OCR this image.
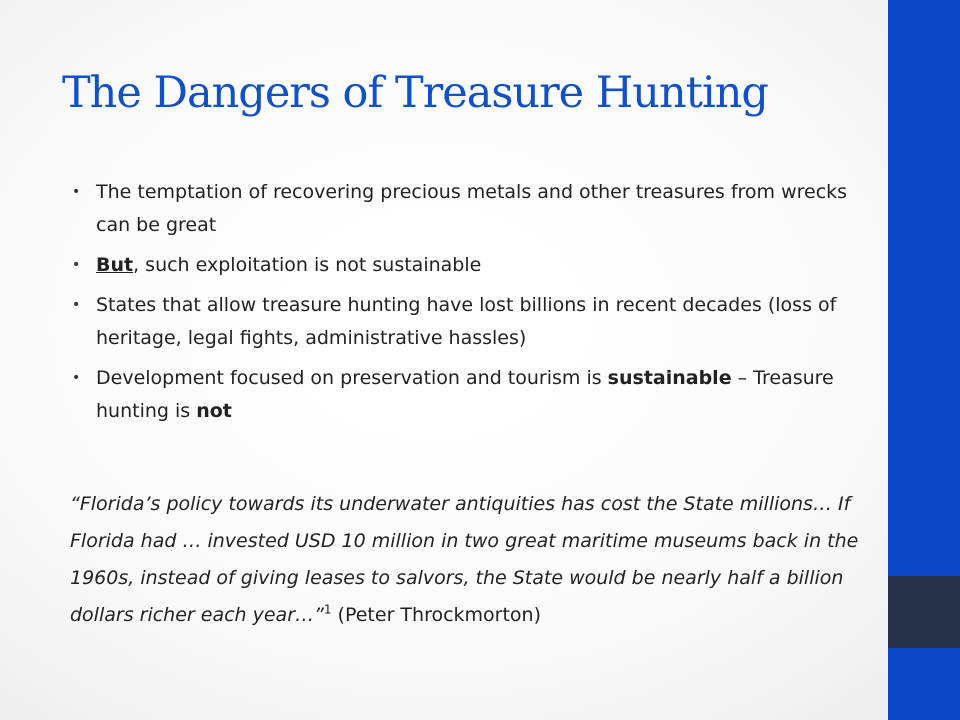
The Dangers of Treasure Hunting
• The temptation of recovering precious metals and other treasures from wrecks can be great
• But, such exploitation is not sustainable
• States that allow treasure hunting have lost billions in recent decades (loss of heritage, legal fights, administrative hassles)
• Development focused on preservation and tourism is sustainable – Treasure hunting is not

“Florida’s policy towards its underwater antiquities has cost the State millions… If Florida had … invested USD 10 million in two great maritime museums back in the 1960s, instead of giving leases to salvors, the State would be nearly half a billion dollars richer each year…”$^1$ (Peter Throckmorton)
